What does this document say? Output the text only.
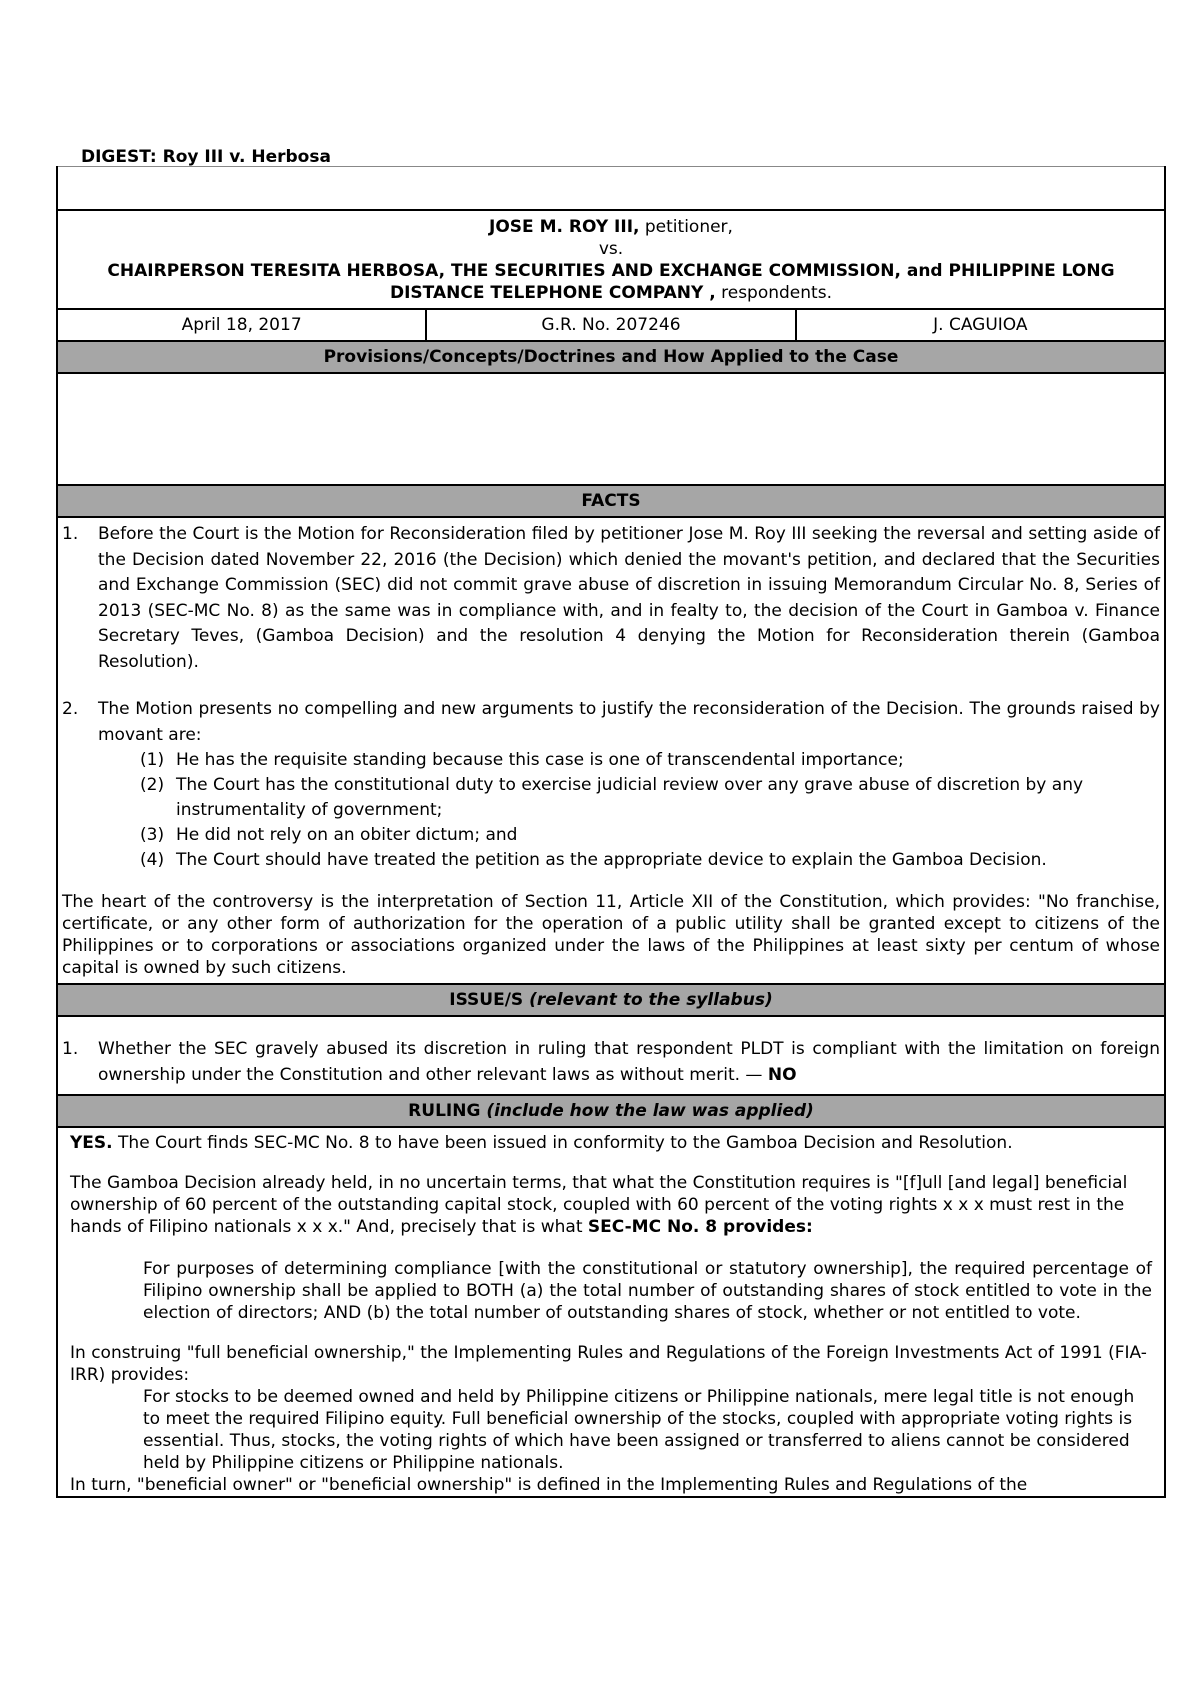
DIGEST: Roy III v. Herbosa
JOSE M. ROY III, petitioner,
vs.
CHAIRPERSON TERESITA HERBOSA, THE SECURITIES AND EXCHANGE COMMISSION, and PHILIPPINE LONG DISTANCE TELEPHONE COMPANY , respondents.
April 18, 2017	G.R. No. 207246	J. CAGUIOA
Provisions/Concepts/Doctrines and How Applied to the Case
FACTS
1.	Before the Court is the Motion for Reconsideration filed by petitioner Jose M. Roy III seeking the reversal and setting aside of the Decision dated November 22, 2016 (the Decision) which denied the movant's petition, and declared that the Securities and Exchange Commission (SEC) did not commit grave abuse of discretion in issuing Memorandum Circular No. 8, Series of 2013 (SEC-MC No. 8) as the same was in compliance with, and in fealty to, the decision of the Court in Gamboa v. Finance Secretary Teves, (Gamboa Decision) and the resolution 4 denying the Motion for Reconsideration therein (Gamboa Resolution).
2.	The Motion presents no compelling and new arguments to justify the reconsideration of the Decision. The grounds raised by movant are:
(1) He has the requisite standing because this case is one of transcendental importance;
(2) The Court has the constitutional duty to exercise judicial review over any grave abuse of discretion by any instrumentality of government;
(3) He did not rely on an obiter dictum; and
(4) The Court should have treated the petition as the appropriate device to explain the Gamboa Decision.

The heart of the controversy is the interpretation of Section 11, Article XII of the Constitution, which provides: "No franchise, certificate, or any other form of authorization for the operation of a public utility shall be granted except to citizens of the Philippines or to corporations or associations organized under the laws of the Philippines at least sixty per centum of whose capital is owned by such citizens.

ISSUE/S (relevant to the syllabus)
1.	Whether the SEC gravely abused its discretion in ruling that respondent PLDT is compliant with the limitation on foreign ownership under the Constitution and other relevant laws as without merit. — NO
RULING (include how the law was applied)

YES. The Court finds SEC-MC No. 8 to have been issued in conformity to the Gamboa Decision and Resolution.

The Gamboa Decision already held, in no uncertain terms, that what the Constitution requires is "[f]ull [and legal] beneficial ownership of 60 percent of the outstanding capital stock, coupled with 60 percent of the voting rights x x x must rest in the hands of Filipino nationals x x x." And, precisely that is what SEC-MC No. 8 provides:

For purposes of determining compliance [with the constitutional or statutory ownership], the required percentage of Filipino ownership shall be applied to BOTH (a) the total number of outstanding shares of stock entitled to vote in the election of directors; AND (b) the total number of outstanding shares of stock, whether or not entitled to vote.

In construing "full beneficial ownership," the Implementing Rules and Regulations of the Foreign Investments Act of 1991 (FIA-IRR) provides:

For stocks to be deemed owned and held by Philippine citizens or Philippine nationals, mere legal title is not enough to meet the required Filipino equity. Full beneficial ownership of the stocks, coupled with appropriate voting rights is essential. Thus, stocks, the voting rights of which have been assigned or transferred to aliens cannot be considered held by Philippine citizens or Philippine nationals.

In turn, "beneficial owner" or "beneficial ownership" is defined in the Implementing Rules and Regulations of the
